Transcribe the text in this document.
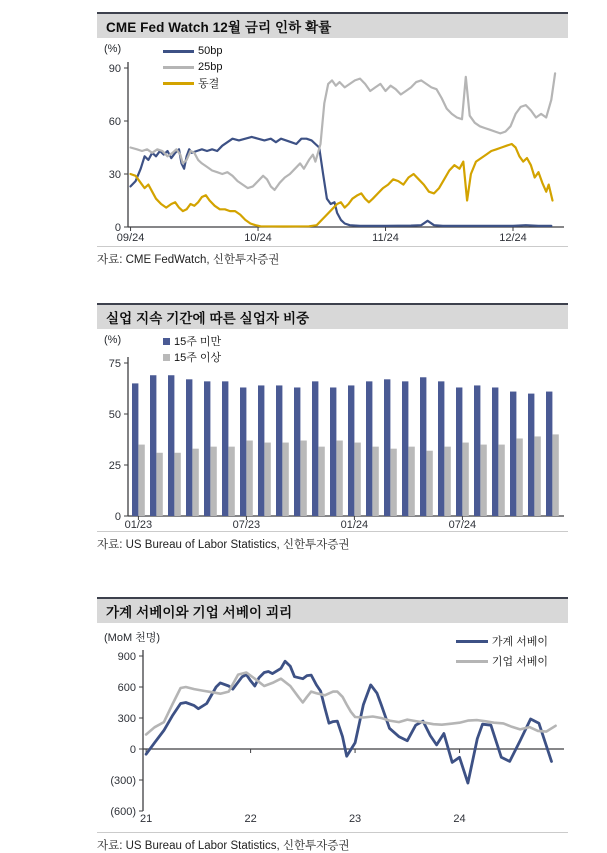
CME Fed Watch 12월 금리 인하 확률
(%)	50bp
25bp
동결
0
30
60
90
09/24	10/24	11/24	12/24
자료: CME FedWatch, 신한투자증권
실업 지속 기간에 따른 실업자 비중
(%)	15주 미만
15주 이상
0
25
50
75
01/23	07/23	01/24	07/24
자료: US Bureau of Labor Statistics, 신한투자증권
가계 서베이와 기업 서베이 괴리
(MoM 천명)	가계 서베이
기업 서베이
(600)
(300)
0
300
600
900
21	22	23	24
자료: US Bureau of Labor Statistics, 신한투자증권
